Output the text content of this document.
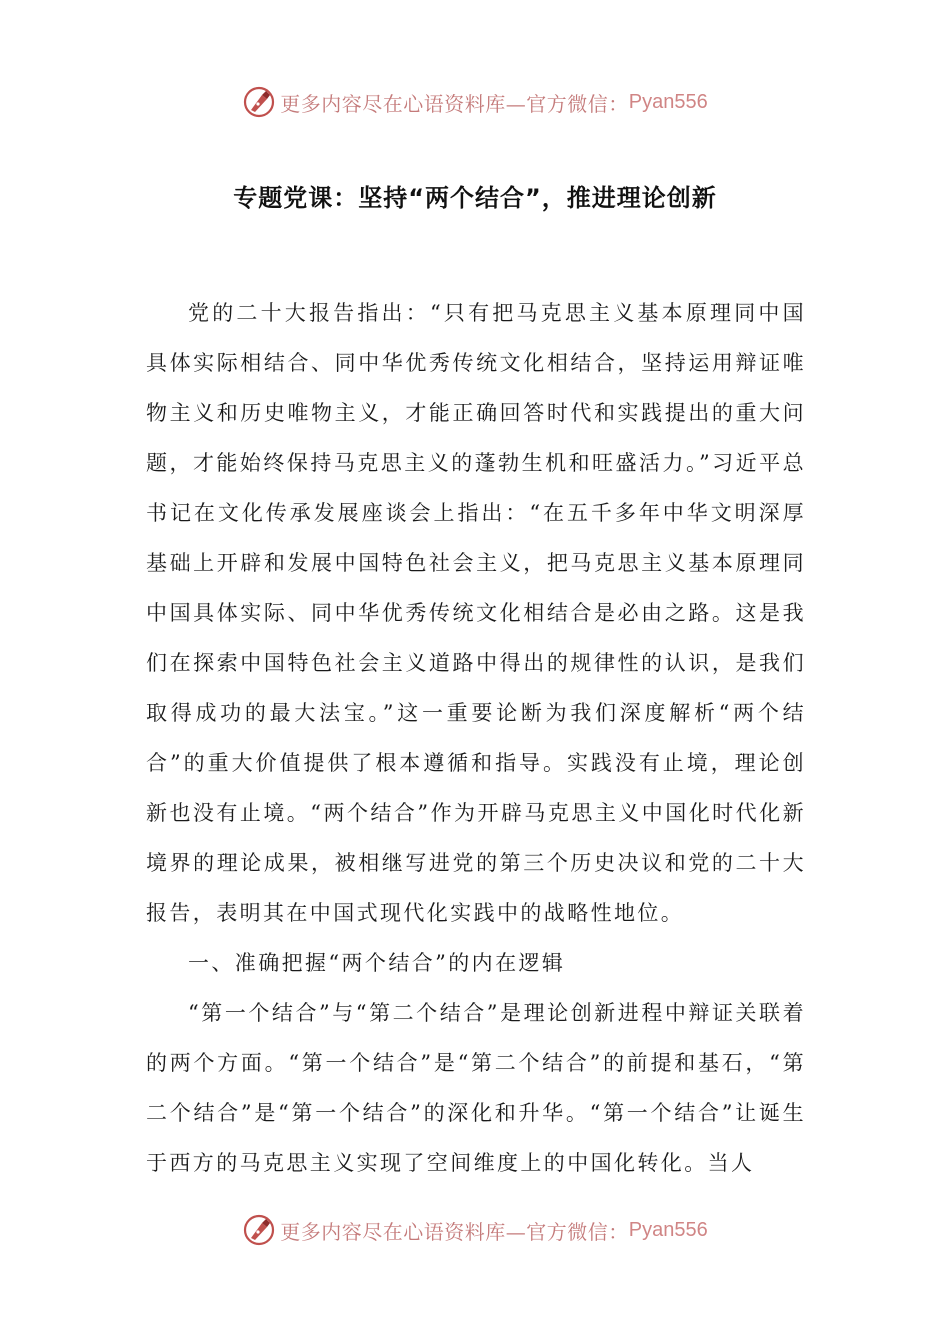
更多内容尽在心语资料库—官方微信： Pyan556
专题党课：坚持“两个结合”，推进理论创新

党的二十大报告指出：“只有把马克思主义基本原理同中国具体实际相结合、同中华优秀传统文化相结合，坚持运用辩证唯物主义和历史唯物主义，才能正确回答时代和实践提出的重大问题，才能始终保持马克思主义的蓬勃生机和旺盛活力。”习近平总书记在文化传承发展座谈会上指出：“在五千多年中华文明深厚基础上开辟和发展中国特色社会主义，把马克思主义基本原理同中国具体实际、同中华优秀传统文化相结合是必由之路。这是我们在探索中国特色社会主义道路中得出的规律性的认识，是我们取得成功的最大法宝。”这一重要论断为我们深度解析“两个结合”的重大价值提供了根本遵循和指导。实践没有止境，理论创新也没有止境。“两个结合”作为开辟马克思主义中国化时代化新境界的理论成果，被相继写进党的第三个历史决议和党的二十大报告，表明其在中国式现代化实践中的战略性地位。

一、准确把握“两个结合”的内在逻辑

“第一个结合”与“第二个结合”是理论创新进程中辩证关联着的两个方面。“第一个结合”是“第二个结合”的前提和基石，“第二个结合”是“第一个结合”的深化和升华。“第一个结合”让诞生于西方的马克思主义实现了空间维度上的中国化转化。当人

更多内容尽在心语资料库—官方微信： Pyan556
